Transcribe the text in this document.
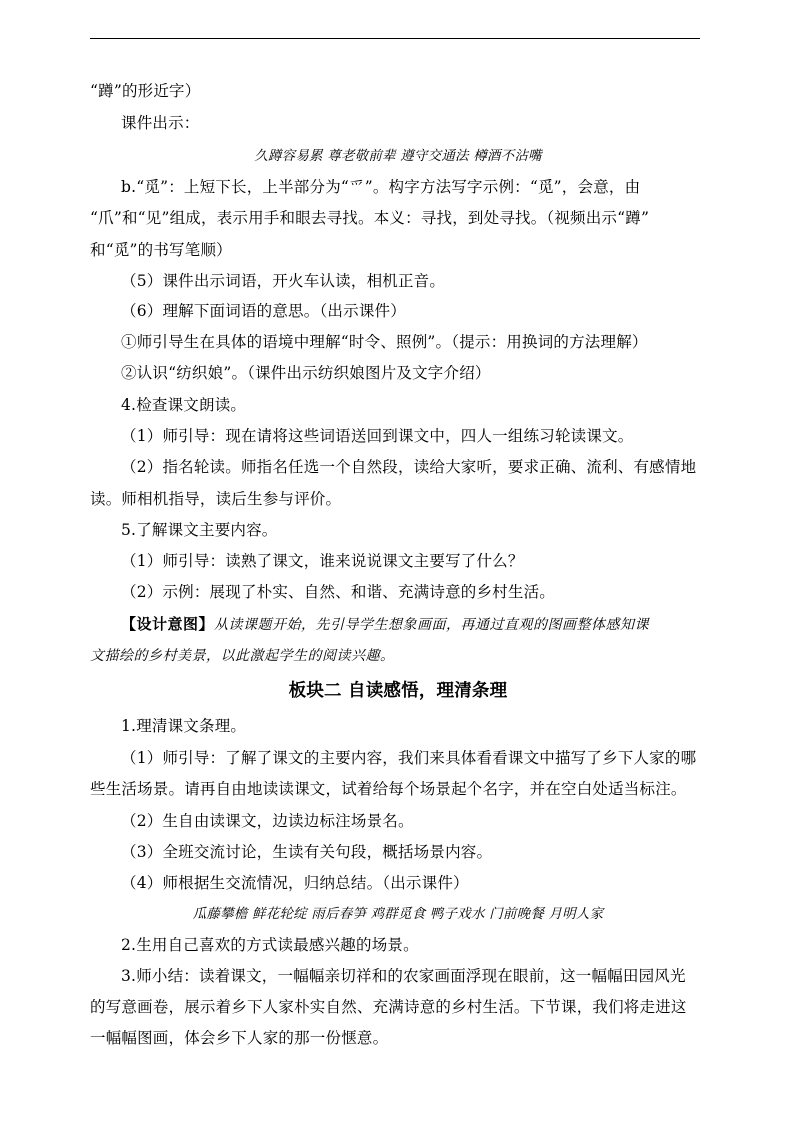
“蹲”的形近字）
课件出示：
久蹲容易累 尊老敬前辈 遵守交通法 樽酒不沾嘴
b.“觅”：上短下长，上半部分为“爫”。构字方法写字示例：“觅”，会意，由
“爪”和“见”组成，表示用手和眼去寻找。本义：寻找，到处寻找。（视频出示“蹲”
和“觅”的书写笔顺）
（5）课件出示词语，开火车认读，相机正音。
（6）理解下面词语的意思。（出示课件）
①师引导生在具体的语境中理解“时令、照例”。（提示：用换词的方法理解）
②认识“纺织娘”。（课件出示纺织娘图片及文字介绍）
4.检查课文朗读。
（1）师引导：现在请将这些词语送回到课文中，四人一组练习轮读课文。
（2）指名轮读。师指名任选一个自然段，读给大家听，要求正确、流利、有感情地
读。师相机指导，读后生参与评价。
5.了解课文主要内容。
（1）师引导：读熟了课文，谁来说说课文主要写了什么？
（2）示例：展现了朴实、自然、和谐、充满诗意的乡村生活。
【设计意图】从读课题开始，先引导学生想象画面，再通过直观的图画整体感知课
文描绘的乡村美景，以此激起学生的阅读兴趣。
板块二 自读感悟，理清条理
1.理清课文条理。
（1）师引导：了解了课文的主要内容，我们来具体看看课文中描写了乡下人家的哪
些生活场景。请再自由地读读课文，试着给每个场景起个名字，并在空白处适当标注。
（2）生自由读课文，边读边标注场景名。
（3）全班交流讨论，生读有关句段，概括场景内容。
（4）师根据生交流情况，归纳总结。（出示课件）
瓜藤攀檐 鲜花轮绽 雨后春笋 鸡群觅食 鸭子戏水 门前晚餐 月明人家
2.生用自己喜欢的方式读最感兴趣的场景。
3.师小结：读着课文，一幅幅亲切祥和的农家画面浮现在眼前，这一幅幅田园风光
的写意画卷，展示着乡下人家朴实自然、充满诗意的乡村生活。下节课，我们将走进这
一幅幅图画，体会乡下人家的那一份惬意。
